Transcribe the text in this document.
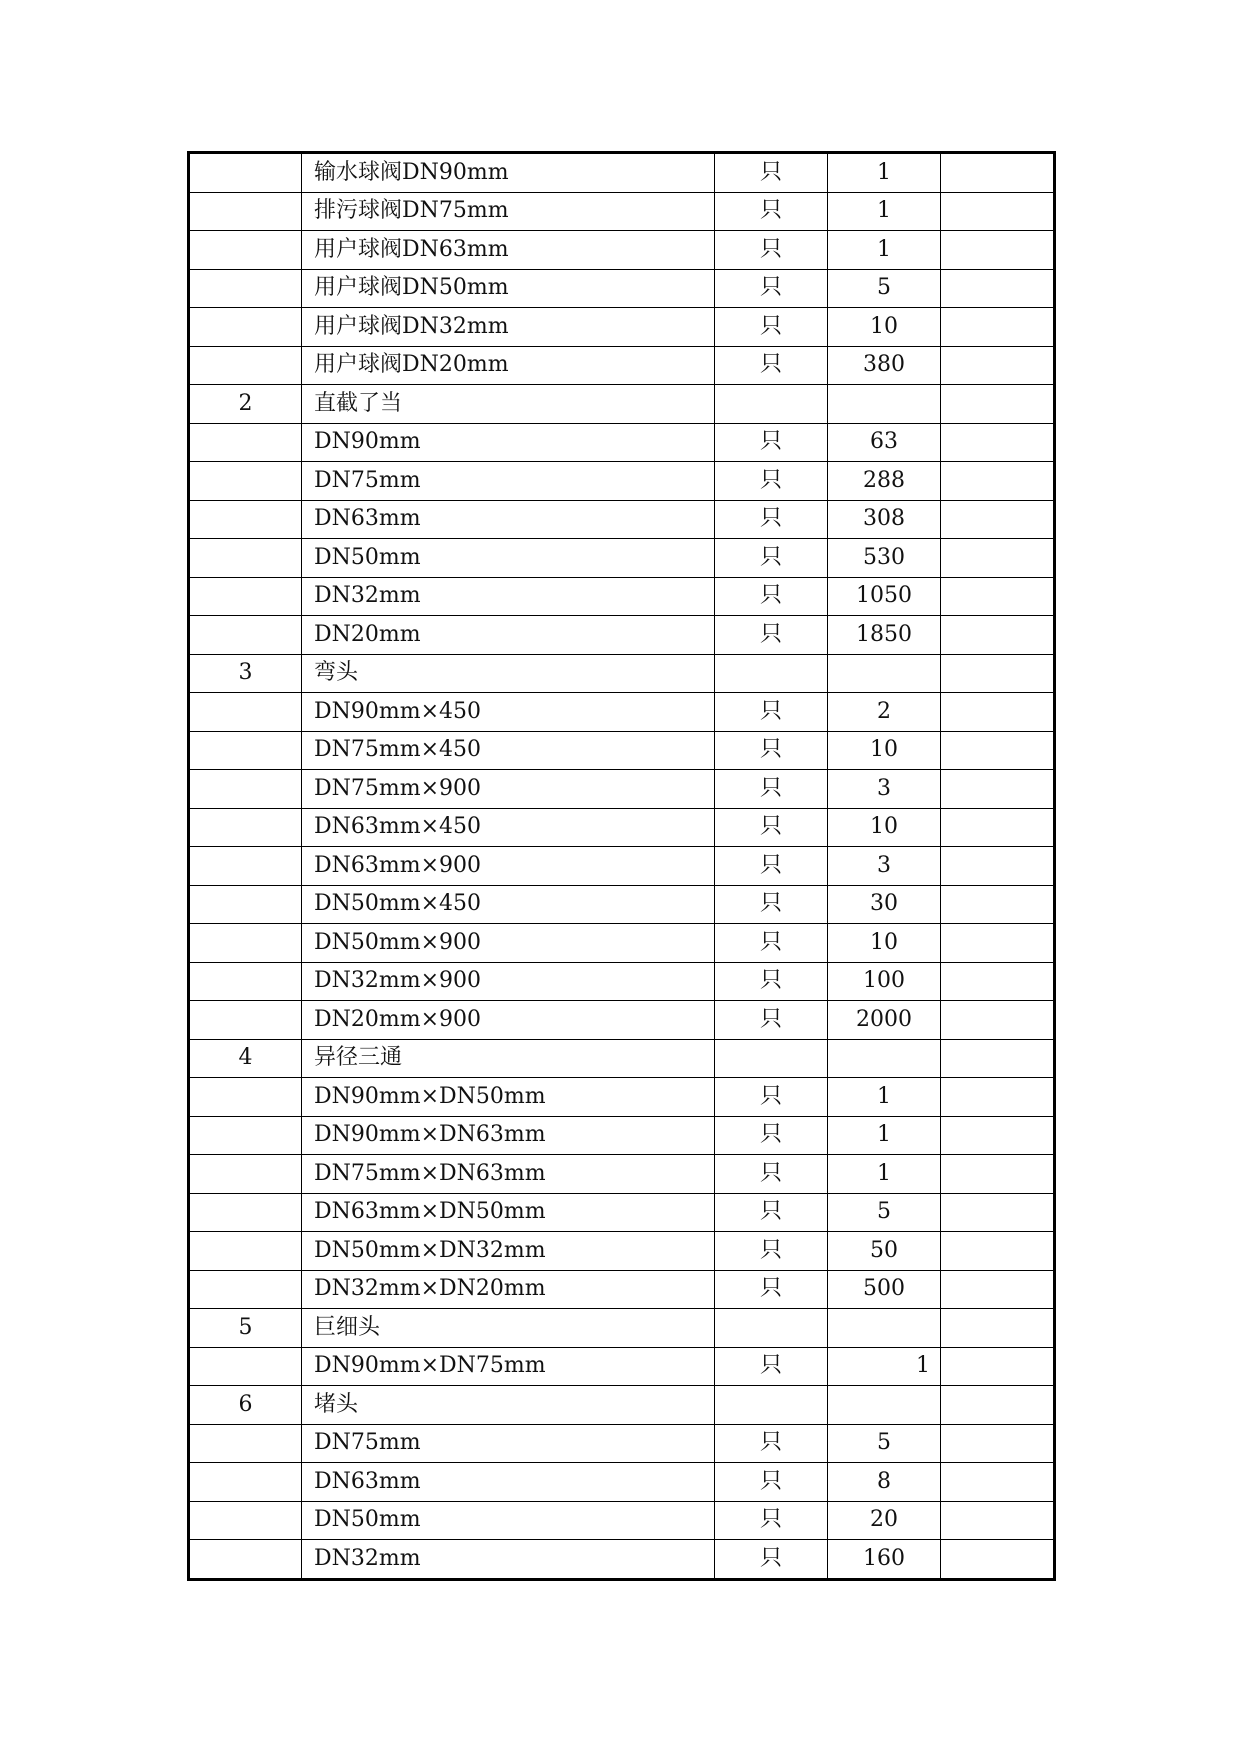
	输水球阀DN90mm	只	1	
	排污球阀DN75mm	只	1	
	用户球阀DN63mm	只	1	
	用户球阀DN50mm	只	5	
	用户球阀DN32mm	只	10	
	用户球阀DN20mm	只	380	
2	直截了当			
	DN90mm	只	63	
	DN75mm	只	288	
	DN63mm	只	308	
	DN50mm	只	530	
	DN32mm	只	1050	
	DN20mm	只	1850	
3	弯头			
	DN90mm×450	只	2	
	DN75mm×450	只	10	
	DN75mm×900	只	3	
	DN63mm×450	只	10	
	DN63mm×900	只	3	
	DN50mm×450	只	30	
	DN50mm×900	只	10	
	DN32mm×900	只	100	
	DN20mm×900	只	2000	
4	异径三通			
	DN90mm×DN50mm	只	1	
	DN90mm×DN63mm	只	1	
	DN75mm×DN63mm	只	1	
	DN63mm×DN50mm	只	5	
	DN50mm×DN32mm	只	50	
	DN32mm×DN20mm	只	500	
5	巨细头			
	DN90mm×DN75mm	只	1	
6	堵头			
	DN75mm	只	5	
	DN63mm	只	8	
	DN50mm	只	20	
	DN32mm	只	160	
